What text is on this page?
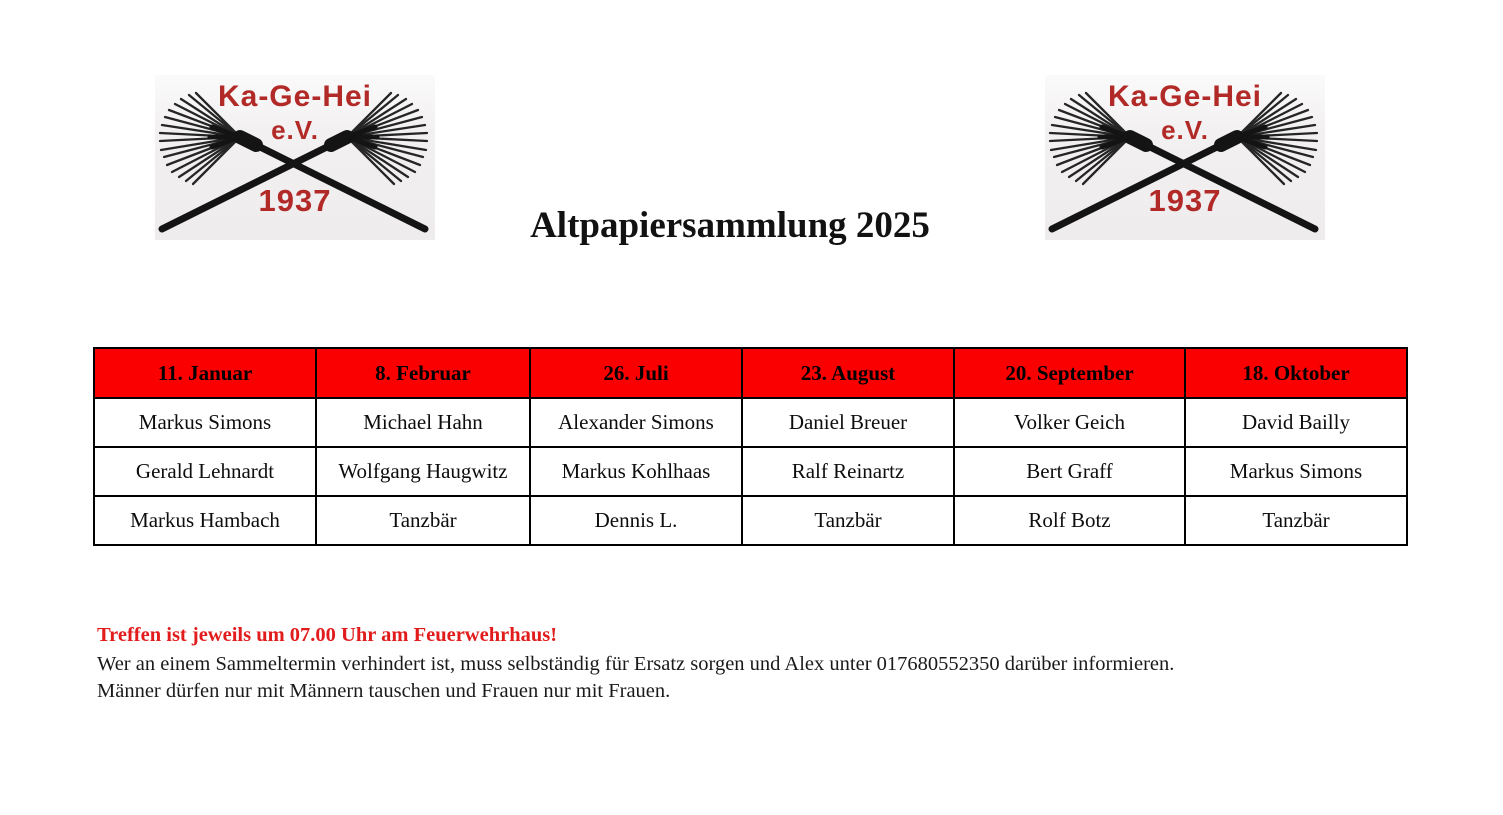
Ka-Ge-Hei
e.V.
1937
Ka-Ge-Hei
e.V.
1937
Altpapiersammlung 2025
11. Januar	8. Februar	26. Juli	23. August	20. September	18. Oktober
Markus Simons	Michael Hahn	Alexander Simons	Daniel Breuer	Volker Geich	David Bailly
Gerald Lehnardt	Wolfgang Haugwitz	Markus Kohlhaas	Ralf Reinartz	Bert Graff	Markus Simons
Markus Hambach	Tanzbär	Dennis L.	Tanzbär	Rolf Botz	Tanzbär
Treffen ist jeweils um 07.00 Uhr am Feuerwehrhaus!
Wer an einem Sammeltermin verhindert ist, muss selbständig für Ersatz sorgen und Alex unter 017680552350 darüber informieren.
Männer dürfen nur mit Männern tauschen und Frauen nur mit Frauen.
